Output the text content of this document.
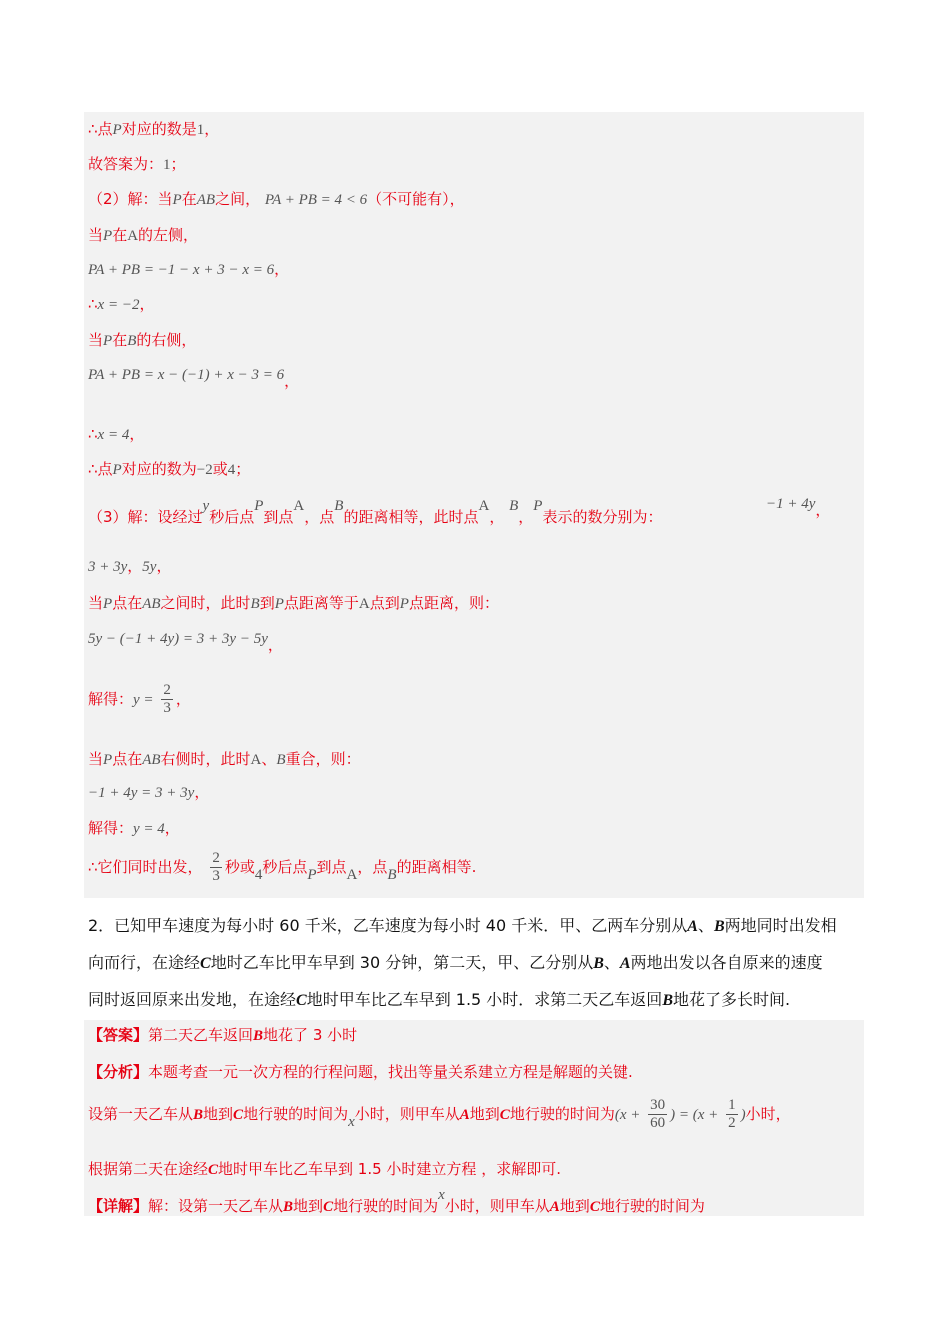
∴点P对应的数是1，
故答案为：1；
（2）解：当P在AB之间， PA + PB = 4 < 6（不可能有），
当P在A的左侧，
PA + PB = −1 − x + 3 − x = 6，
∴x = −2，
当P在B的右侧，
PA + PB = x − (−1) + x − 3 = 6，
∴x = 4，
∴点P对应的数为−2或4；
（3）解：设经过y秒后点P到点A，点B的距离相等，此时点A， B，P表示的数分别为：
−1 + 4y，
3 + 3y，5y，
当P点在AB之间时，此时B到P点距离等于A点到P点距离，则：
5y − (−1 + 4y) = 3 + 3y − 5y，
解得：$y = \frac{2}{3}$ ，
当P点在AB右侧时，此时A、B重合，则：
−1 + 4y = 3 + 3y，
解得：y = 4，
∴它们同时出发， $\frac{2}{3}$ 秒或4秒后点P到点A，点B的距离相等.
2．已知甲车速度为每小时 60 千米，乙车速度为每小时 40 千米．甲、乙两车分别从A、B两地同时出发相
向而行，在途经C地时乙车比甲车早到 30 分钟，第二天，甲、乙分别从B、A两地出发以各自原来的速度
同时返回原来出发地，在途经C地时甲车比乙车早到 1.5 小时．求第二天乙车返回B地花了多长时间.
【答案】第二天乙车返回B地花了 3 小时
【分析】本题考查一元一次方程的行程问题，找出等量关系建立方程是解题的关键.
设第一天乙车从B地到C地行驶的时间为x小时，则甲车从A地到C地行驶的时间为($x + \frac{30}{60}$ ) = ($x + \frac{1}{2}$ )小时，
根据第二天在途经C地时甲车比乙车早到 1.5 小时建立方程 ，求解即可.
【详解】解：设第一天乙车从B地到C地行驶的时间为x小时，则甲车从A地到C地行驶的时间为
